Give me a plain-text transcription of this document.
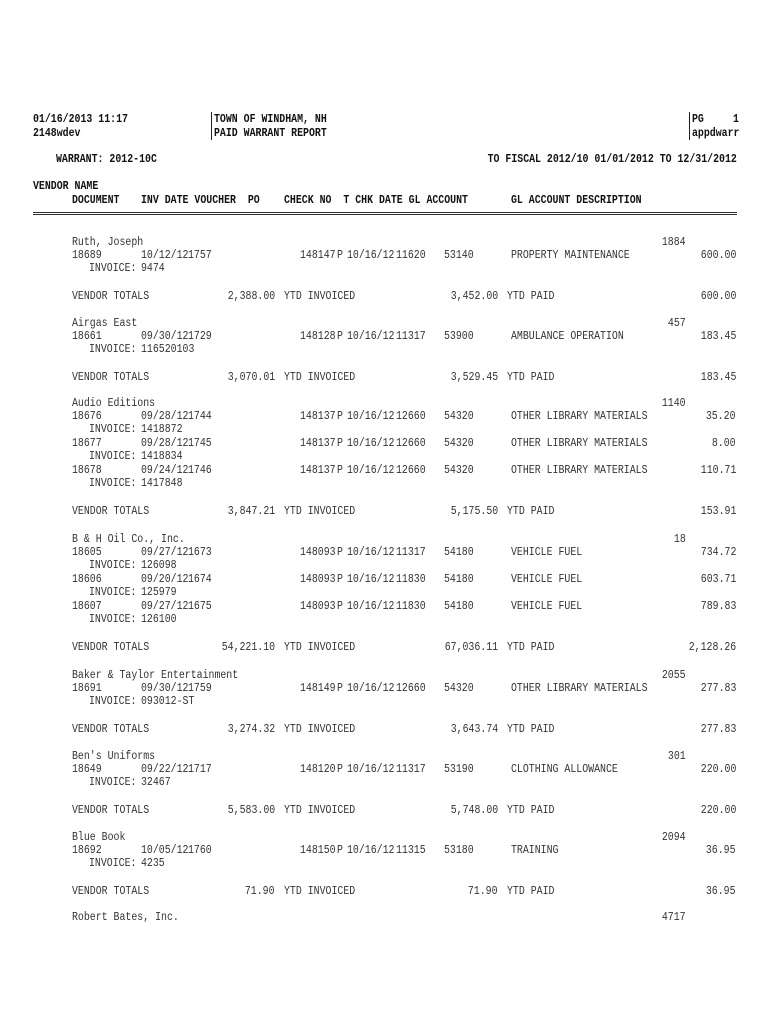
01/16/2013 11:17
2148wdev
TOWN OF WINDHAM, NH
PAID WARRANT REPORT
PG	1
appdwarr
WARRANT: 2012-10C	TO FISCAL 2012/10 01/01/2012 TO 12/31/2012
VENDOR NAME
DOCUMENT INV DATE VOUCHER  PO CHECK NO  T CHK DATE GL ACCOUNT	GL ACCOUNT DESCRIPTION
1884
Ruth, Joseph
18689	10/12/12 1757	148147 P 10/16/12 11620 53140	PROPERTY MAINTENANCE	600.00
INVOICE: 9474
VENDOR TOTALS	2,388.00 YTD INVOICED	3,452.00 YTD PAID	600.00
457
Airgas East
18661	09/30/12 1729	148128 P 10/16/12 11317 53900	AMBULANCE OPERATION	183.45
INVOICE: 116520103
VENDOR TOTALS	3,070.01 YTD INVOICED	3,529.45 YTD PAID	183.45
1140
Audio Editions
18676	09/28/12 1744	148137 P 10/16/12 12660 54320	OTHER LIBRARY MATERIALS	35.20
INVOICE: 1418872
18677	09/28/12 1745	148137 P 10/16/12 12660 54320	OTHER LIBRARY MATERIALS	8.00
INVOICE: 1418834
18678	09/24/12 1746	148137 P 10/16/12 12660 54320	OTHER LIBRARY MATERIALS	110.71
INVOICE: 1417848
VENDOR TOTALS	3,847.21 YTD INVOICED	5,175.50 YTD PAID	153.91
18
B & H Oil Co., Inc.
18605	09/27/12 1673	148093 P 10/16/12 11317 54180	VEHICLE FUEL	734.72
INVOICE: 126098
18606	09/20/12 1674	148093 P 10/16/12 11830 54180	VEHICLE FUEL	603.71
INVOICE: 125979
18607	09/27/12 1675	148093 P 10/16/12 11830 54180	VEHICLE FUEL	789.83
INVOICE: 126100
VENDOR TOTALS	54,221.10 YTD INVOICED	67,036.11 YTD PAID	2,128.26
2055
Baker & Taylor Entertainment
18691	09/30/12 1759	148149 P 10/16/12 12660 54320	OTHER LIBRARY MATERIALS	277.83
INVOICE: 093012-ST
VENDOR TOTALS	3,274.32 YTD INVOICED	3,643.74 YTD PAID	277.83
301
Ben's Uniforms
18649	09/22/12 1717	148120 P 10/16/12 11317 53190	CLOTHING ALLOWANCE	220.00
INVOICE: 32467
VENDOR TOTALS	5,583.00 YTD INVOICED	5,748.00 YTD PAID	220.00
2094
Blue Book
18692	10/05/12 1760	148150 P 10/16/12 11315 53180	TRAINING	36.95
INVOICE: 4235
VENDOR TOTALS	71.90 YTD INVOICED	71.90 YTD PAID	36.95
4717
Robert Bates, Inc.
